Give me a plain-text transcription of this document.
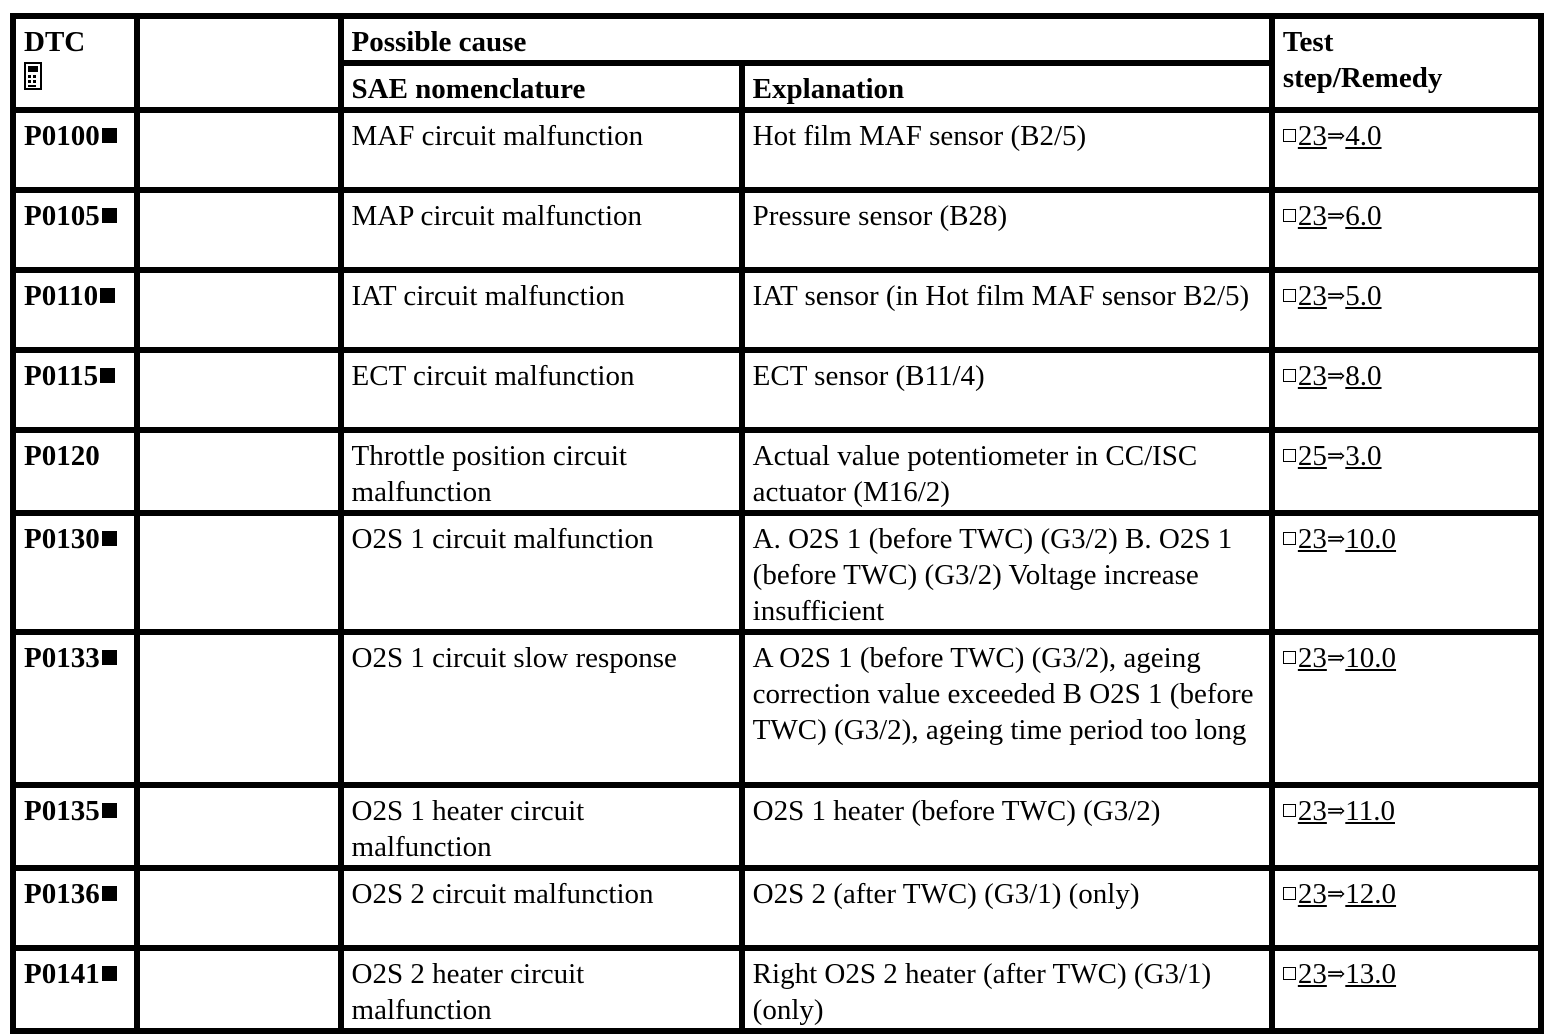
DTC		Possible cause		Test
step/Remedy

		SAE nomenclature	Explanation	
P0100		MAF circuit malfunction	Hot film MAF sensor (B2/5)	23⇒4.0
P0105		MAP circuit malfunction	Pressure sensor (B28)	23⇒6.0
P0110		IAT circuit malfunction	IAT sensor (in Hot film MAF sensor B2/5)	23⇒5.0
P0115		ECT circuit malfunction	ECT sensor (B11/4)	23⇒8.0
P0120		Throttle position circuit malfunction	Actual value potentiometer in CC/ISC actuator (M16/2)	25⇒3.0
P0130		O2S 1 circuit malfunction	A. O2S 1 (before TWC) (G3/2) B. O2S 1 (before TWC) (G3/2) Voltage increase insufficient	23⇒10.0
P0133		O2S 1 circuit slow response	A O2S 1 (before TWC) (G3/2), ageing correction value exceeded B O2S 1 (before TWC) (G3/2), ageing time period too long	23⇒10.0
P0135		O2S 1 heater circuit malfunction	O2S 1 heater (before TWC) (G3/2)	23⇒11.0
P0136		O2S 2 circuit malfunction	O2S 2 (after TWC) (G3/1) (only)	23⇒12.0
P0141		O2S 2 heater circuit malfunction	Right O2S 2 heater (after TWC) (G3/1) (only)	23⇒13.0
